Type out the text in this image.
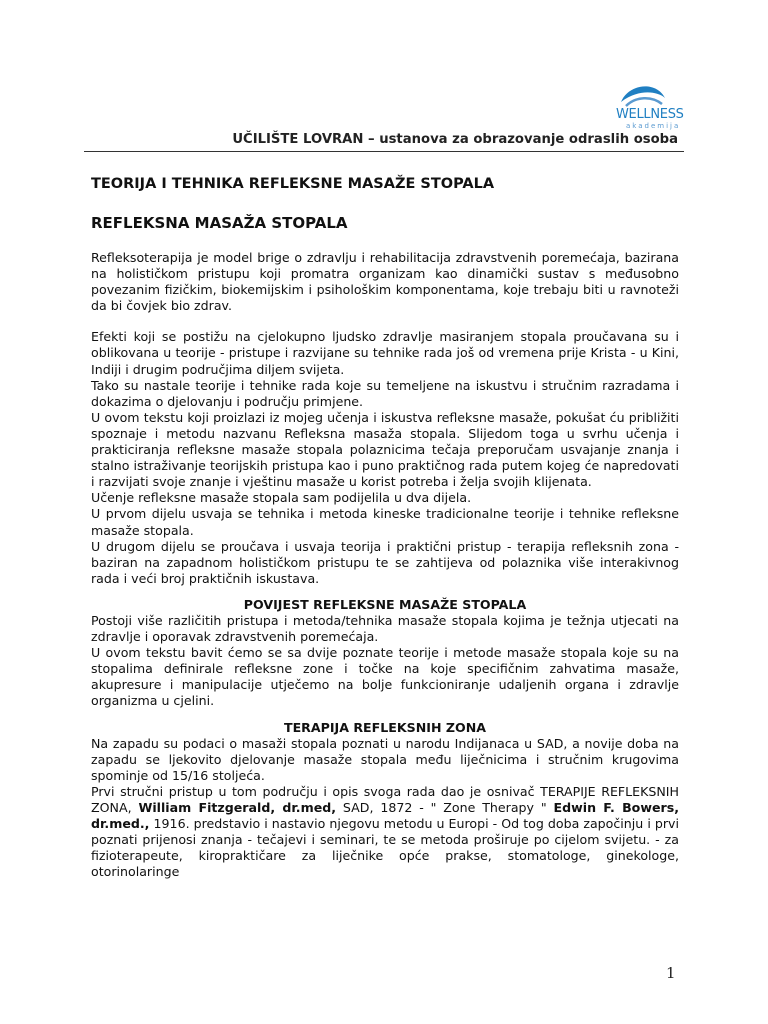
WELLNESS
akademija
UČILIŠTE LOVRAN – ustanova za obrazovanje odraslih osoba
TEORIJA I TEHNIKA REFLEKSNE MASAŽE STOPALA
REFLEKSNA MASAŽA STOPALA

Refleksoterapija je model brige o zdravlju i rehabilitacija zdravstvenih poremećaja, bazirana na holističkom pristupu koji promatra organizam kao dinamički sustav s međusobno povezanim fizičkim, biokemijskim i psihološkim komponentama, koje trebaju biti u ravnoteži da bi čovjek bio zdrav.

Efekti koji se postižu na cjelokupno ljudsko zdravlje masiranjem stopala proučavana su i oblikovana u teorije - pristupe i razvijane su tehnike rada još od vremena prije Krista - u Kini, Indiji i drugim područjima diljem svijeta.

Tako su nastale teorije i tehnike rada koje su temeljene na iskustvu i stručnim razradama i dokazima o djelovanju i području primjene.

U ovom tekstu koji proizlazi iz mojeg učenja i iskustva refleksne masaže, pokušat ću približiti spoznaje i metodu nazvanu Refleksna masaža stopala. Slijedom toga u svrhu učenja i prakticiranja refleksne masaže stopala polaznicima tečaja preporučam usvajanje znanja i stalno istraživanje teorijskih pristupa kao i puno praktičnog rada putem kojeg će napredovati i razvijati svoje znanje i vještinu masaže u korist potreba i želja svojih klijenata.

Učenje refleksne masaže stopala sam podijelila u dva dijela.

U prvom dijelu usvaja se tehnika i metoda kineske tradicionalne teorije i tehnike refleksne masaže stopala.

U drugom dijelu se proučava i usvaja teorija i praktični pristup - terapija refleksnih zona - baziran na zapadnom holističkom pristupu te se zahtijeva od polaznika više interakivnog rada i veći broj praktičnih iskustava.

POVIJEST REFLEKSNE MASAŽE STOPALA

Postoji više različitih pristupa i metoda/tehnika masaže stopala kojima je težnja utjecati na zdravlje i oporavak zdravstvenih poremećaja.

U ovom tekstu bavit ćemo se sa dvije poznate teorije i metode masaže stopala koje su na stopalima definirale refleksne zone i točke na koje specifičnim zahvatima masaže, akupresure i manipulacije utječemo na bolje funkcioniranje udaljenih organa i zdravlje organizma u cjelini.

TERAPIJA REFLEKSNIH ZONA

Na zapadu su podaci o masaži stopala poznati u narodu Indijanaca u SAD, a novije doba na zapadu se ljekovito djelovanje masaže stopala među liječnicima i stručnim krugovima spominje od 15/16 stoljeća.

Prvi stručni pristup u tom području i opis svoga rada dao je osnivač TERAPIJE REFLEKSNIH ZONA, William Fitzgerald, dr.med, SAD, 1872 - " Zone Therapy " Edwin F. Bowers, dr.med., 1916. predstavio i nastavio njegovu metodu u Europi - Od tog doba započinju i prvi poznati prijenosi znanja - tečajevi i seminari, te se metoda proširuje po cijelom svijetu. - za fizioterapeute, kiropraktičare za liječnike opće prakse, stomatologe, ginekologe, otorinolaringe

1
